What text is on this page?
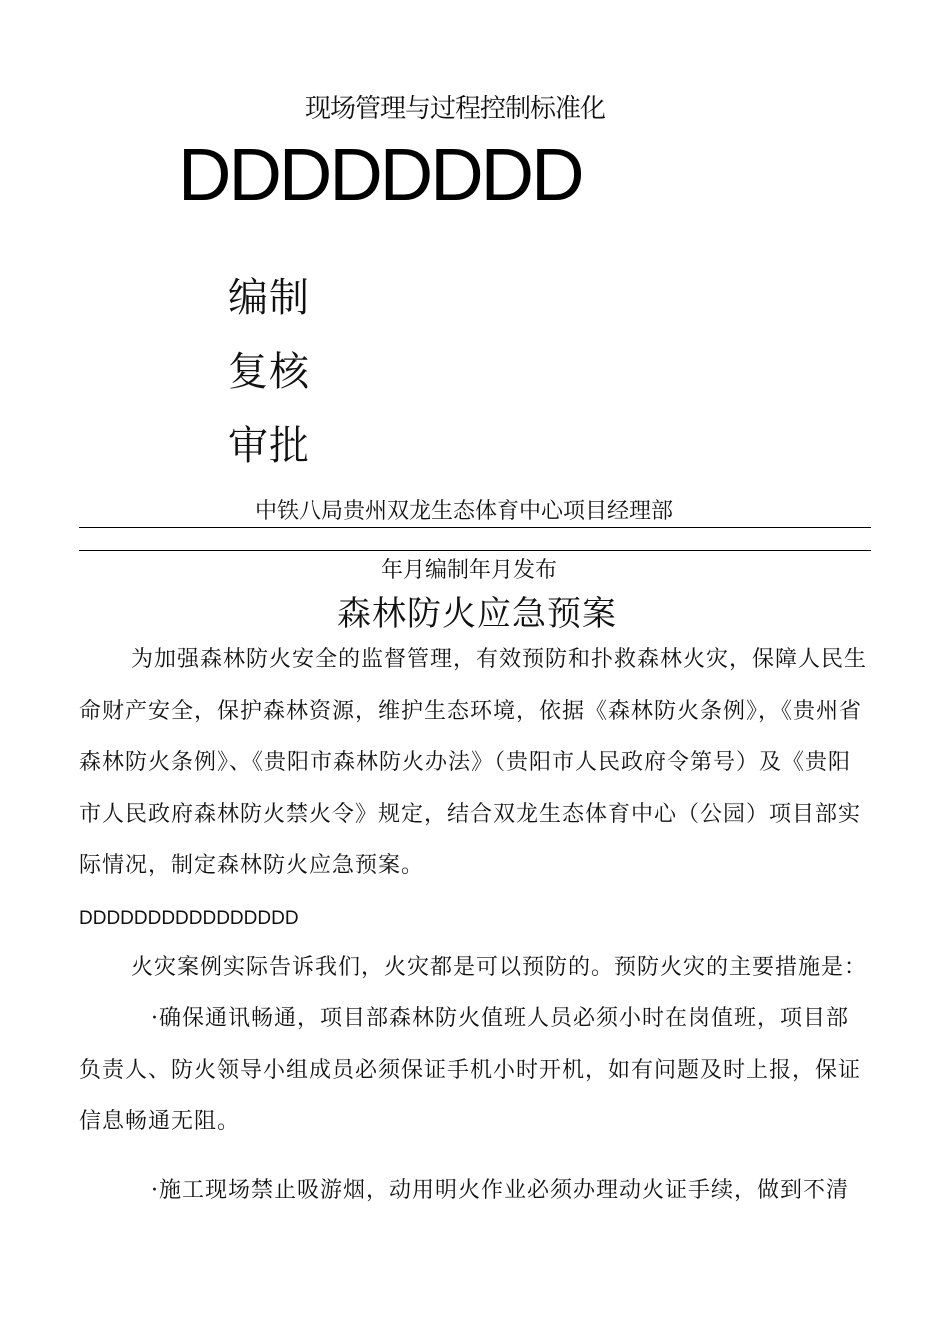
现场管理与过程控制标准化
DDDDDDDD
编制
复核
审批
中铁八局贵州双龙生态体育中心项目经理部
年月编制年月发布
森林防火应急预案
为加强森林防火安全的监督管理，有效预防和扑救森林火灾，保障人民生命财产安全，保护森林资源，维护生态环境，依据《森林防火条例》，《贵州省森林防火条例》、《贵阳市森林防火办法》（贵阳市人民政府令第号）及《贵阳市人民政府森林防火禁火令》规定，结合双龙生态体育中心（公园）项目部实际情况，制定森林防火应急预案。
DDDDDDDDDDDDDDDD
火灾案例实际告诉我们，火灾都是可以预防的。预防火灾的主要措施是：
·确保通讯畅通，项目部森林防火值班人员必须小时在岗值班，项目部负责人、防火领导小组成员必须保证手机小时开机，如有问题及时上报，保证信息畅通无阻。
·施工现场禁止吸游烟，动用明火作业必须办理动火证手续，做到不清
